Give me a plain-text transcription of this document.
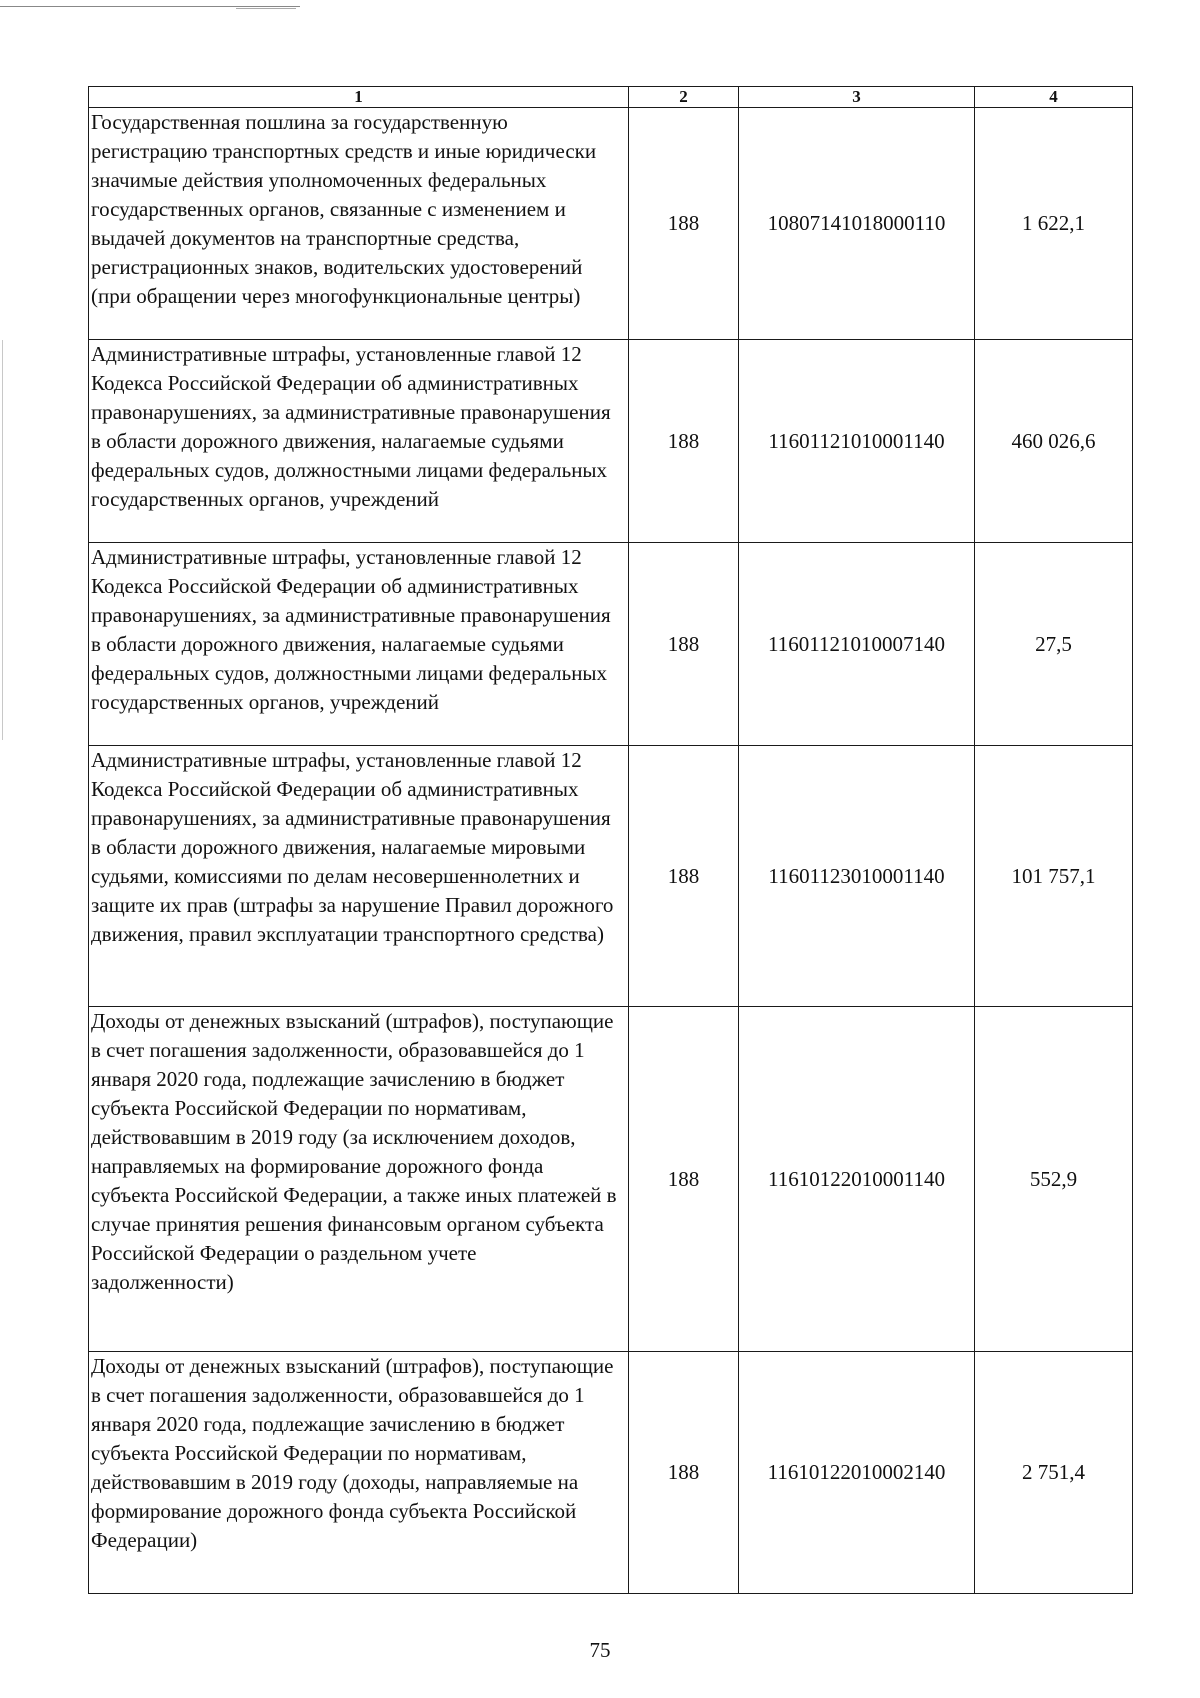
1	2	3	4
Государственная пошлина за государственную регистрацию транспортных средств и иные юридически значимые действия уполномоченных федеральных государственных органов, связанные с изменением и выдачей документов на транспортные средства, регистрационных знаков, водительских удостоверений (при обращении через многофункциональные центры)	188	10807141018000110	1 622,1
Административные штрафы, установленные главой 12 Кодекса Российской Федерации об административных правонарушениях, за административные правонарушения в области дорожного движения, налагаемые судьями федеральных судов, должностными лицами федеральных государственных органов, учреждений	188	11601121010001140	460 026,6
Административные штрафы, установленные главой 12 Кодекса Российской Федерации об административных правонарушениях, за административные правонарушения в области дорожного движения, налагаемые судьями федеральных судов, должностными лицами федеральных государственных органов, учреждений	188	11601121010007140	27,5
Административные штрафы, установленные главой 12 Кодекса Российской Федерации об административных правонарушениях, за административные правонарушения в области дорожного движения, налагаемые мировыми судьями, комиссиями по делам несовершеннолетних и защите их прав (штрафы за нарушение Правил дорожного движения, правил эксплуатации транспортного средства)	188	11601123010001140	101 757,1
Доходы от денежных взысканий (штрафов), поступающие в счет погашения задолженности, образовавшейся до 1 января 2020 года, подлежащие зачислению в бюджет субъекта Российской Федерации по нормативам, действовавшим в 2019 году (за исключением доходов, направляемых на формирование дорожного фонда субъекта Российской Федерации, а также иных платежей в случае принятия решения финансовым органом субъекта Российской Федерации о раздельном учете задолженности)	188	11610122010001140	552,9
Доходы от денежных взысканий (штрафов), поступающие в счет погашения задолженности, образовавшейся до 1 января 2020 года, подлежащие зачислению в бюджет субъекта Российской Федерации по нормативам, действовавшим в 2019 году (доходы, направляемые на формирование дорожного фонда субъекта Российской Федерации)	188	11610122010002140	2 751,4
75
